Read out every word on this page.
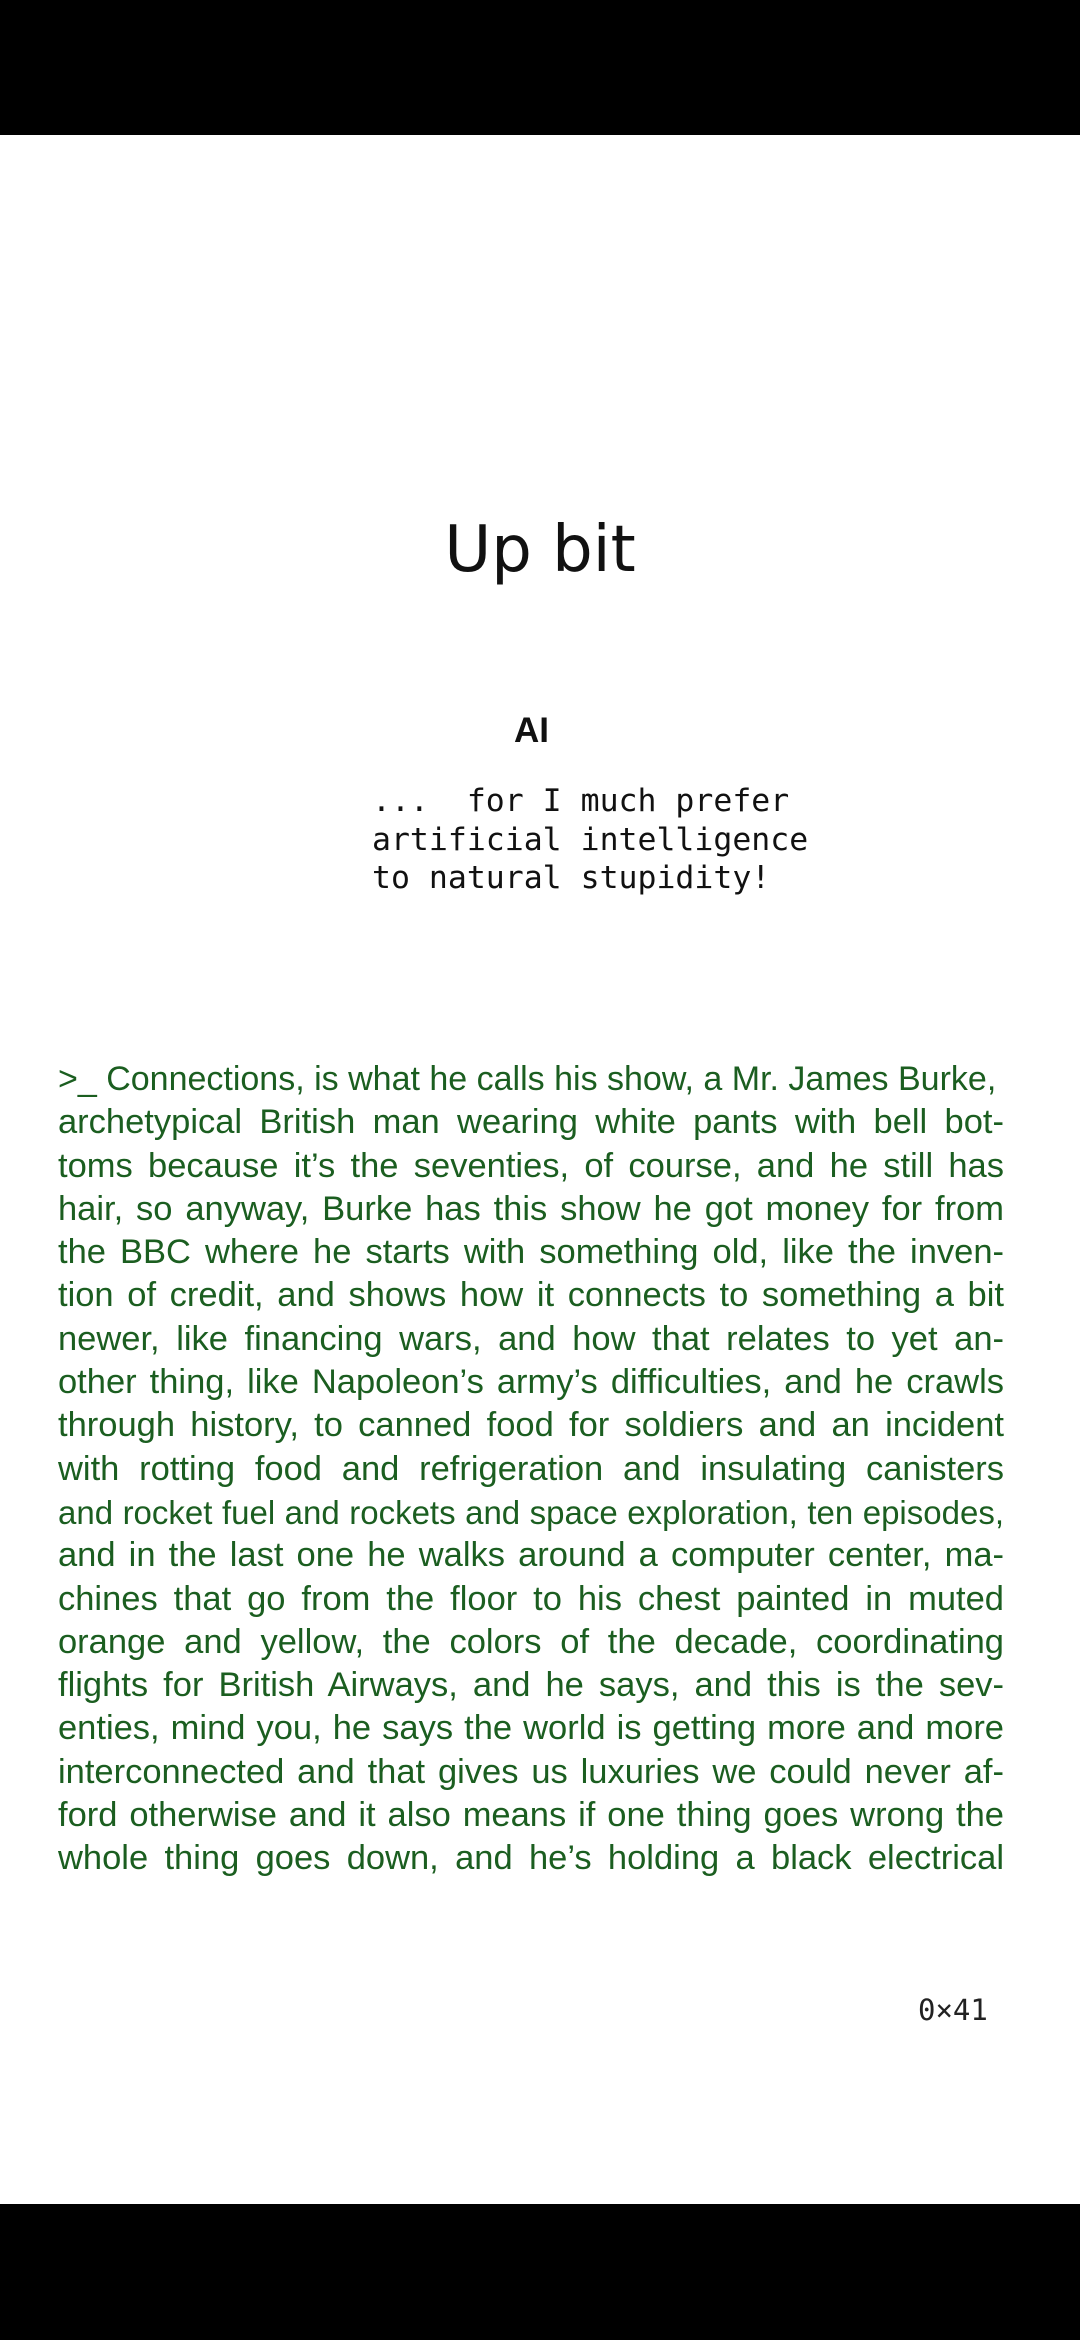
Up bit
AI
...  for I much prefer
artificial intelligence
to natural stupidity!
>_ Connections, is what he calls his show, a Mr. James Burke,
archetypical British man wearing white pants with bell bot-
toms because it’s the seventies, of course, and he still has
hair, so anyway, Burke has this show he got money for from
the BBC where he starts with something old, like the inven-
tion of credit, and shows how it connects to something a bit
newer, like financing wars, and how that relates to yet an-
other thing, like Napoleon’s army’s difficulties, and he crawls
through history, to canned food for soldiers and an incident
with rotting food and refrigeration and insulating canisters
and rocket fuel and rockets and space exploration, ten episodes,
and in the last one he walks around a computer center, ma-
chines that go from the floor to his chest painted in muted
orange and yellow, the colors of the decade, coordinating
flights for British Airways, and he says, and this is the sev-
enties, mind you, he says the world is getting more and more
interconnected and that gives us luxuries we could never af-
ford otherwise and it also means if one thing goes wrong the
whole thing goes down, and he’s holding a black electrical
0×41
